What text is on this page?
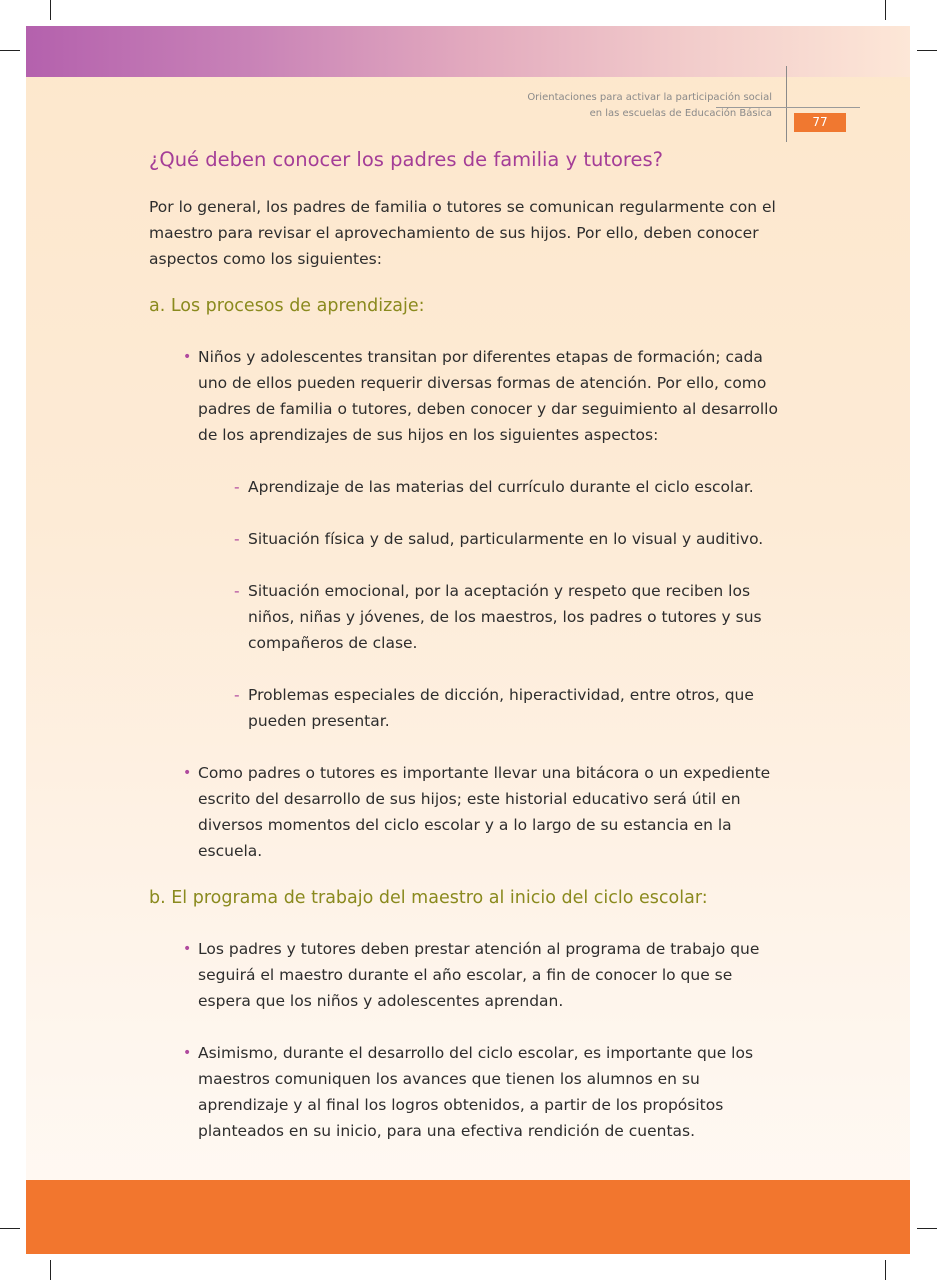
Orientaciones para activar la participación social
en las escuelas de Educación Básica
77
¿Qué deben conocer los padres de familia y tutores?

Por lo general, los padres de familia o tutores se comunican regularmente con el maestro para revisar el aprovechamiento de sus hijos. Por ello, deben conocer aspectos como los siguientes:

a. Los procesos de aprendizaje:
• Niños y adolescentes transitan por diferentes etapas de formación; cada uno de ellos pueden requerir diversas formas de atención. Por ello, como padres de familia o tutores, deben conocer y dar seguimiento al desarrollo de los aprendizajes de sus hijos en los siguientes aspectos:
- Aprendizaje de las materias del currículo durante el ciclo escolar.
- Situación física y de salud, particularmente en lo visual y auditivo.
- Situación emocional, por la aceptación y respeto que reciben los niños, niñas y jóvenes, de los maestros, los padres o tutores y sus compañeros de clase.
- Problemas especiales de dicción, hiperactividad, entre otros, que pueden presentar.
• Como padres o tutores es importante llevar una bitácora o un expediente escrito del desarrollo de sus hijos; este historial educativo será útil en diversos momentos del ciclo escolar y a lo largo de su estancia en la escuela.
b. El programa de trabajo del maestro al inicio del ciclo escolar:
• Los padres y tutores deben prestar atención al programa de trabajo que seguirá el maestro durante el año escolar, a fin de conocer lo que se espera que los niños y adolescentes aprendan.
• Asimismo, durante el desarrollo del ciclo escolar, es importante que los maestros comuniquen los avances que tienen los alumnos en su aprendizaje y al final los logros obtenidos, a partir de los propósitos planteados en su inicio, para una efectiva rendición de cuentas.
